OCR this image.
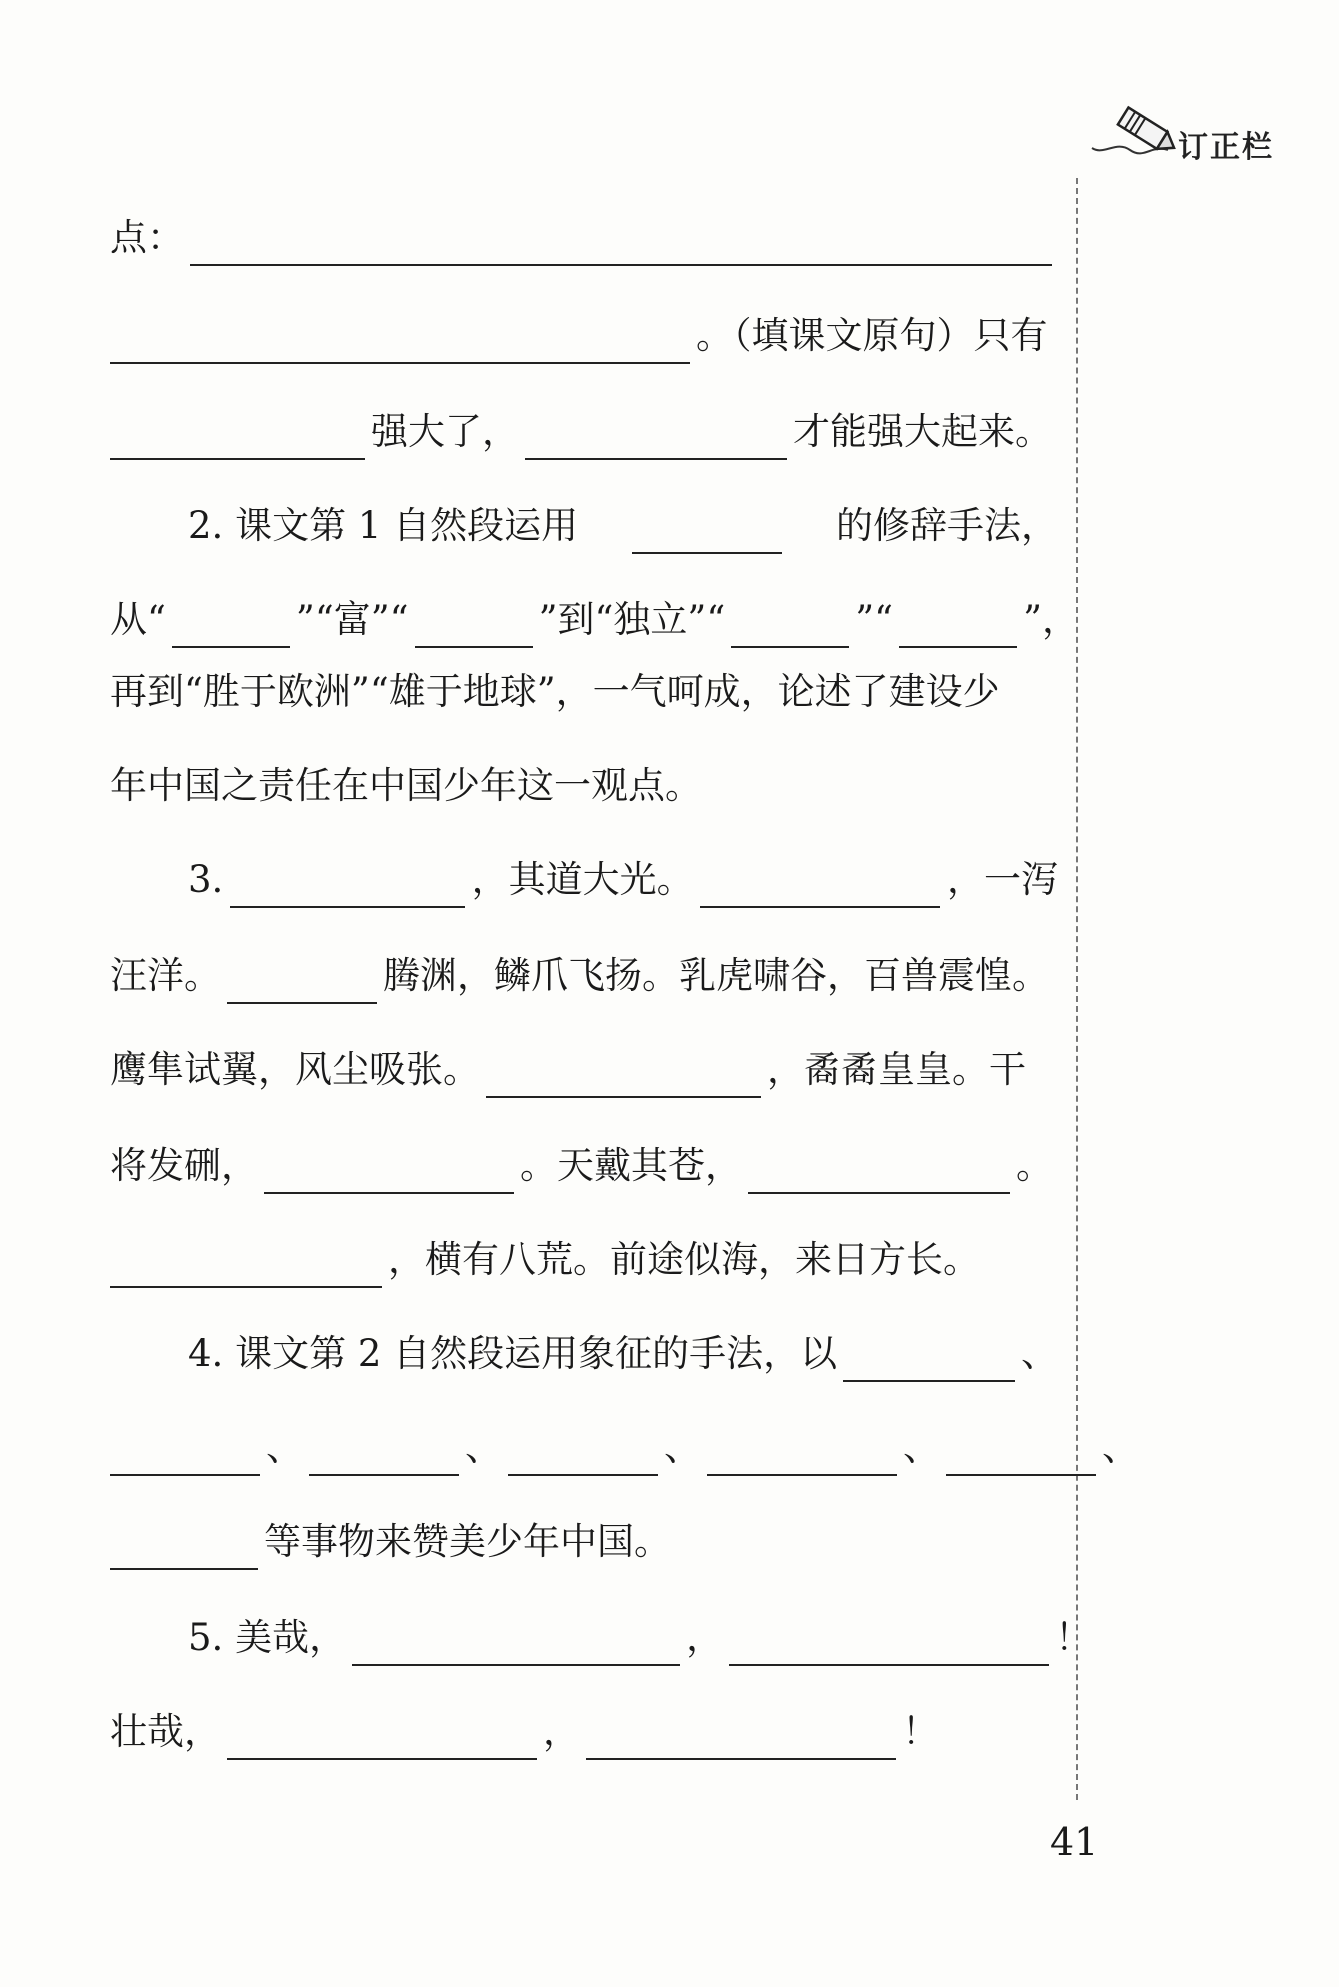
订正栏
点：
。（填课文原句）只有
强大了，	才能强大起来。
2. 课文第 1 自然段运用	的修辞手法，
从“	”“富”“	”到“独立”“	”“	”，
再到“胜于欧洲”“雄于地球”，一气呵成，论述了建设少
年中国之责任在中国少年这一观点。
3.	，其道大光。	，一泻
汪洋。	腾渊，鳞爪飞扬。乳虎啸谷，百兽震惶。
鹰隼试翼，风尘吸张。	，矞矞皇皇。干
将发硎，	。天戴其苍，	。
，横有八荒。前途似海，来日方长。
4. 课文第 2 自然段运用象征的手法，以	、
、	、	、	、	、
等事物来赞美少年中国。
5. 美哉，	，	！
壮哉，	，	！
41
